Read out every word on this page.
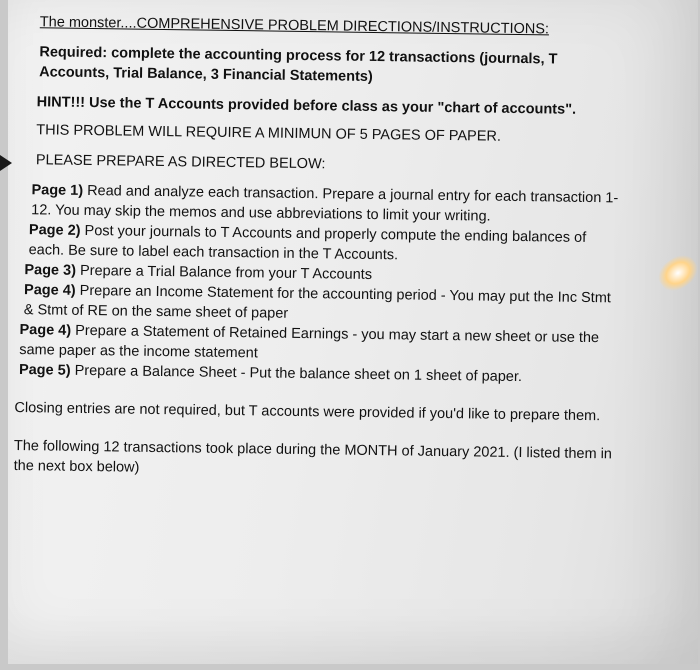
The monster....COMPREHENSIVE PROBLEM DIRECTIONS/INSTRUCTIONS:

Required: complete the accounting process for 12 transactions (journals, T Accounts, Trial Balance, 3 Financial Statements)

HINT!!! Use the T Accounts provided before class as your "chart of accounts".

THIS PROBLEM WILL REQUIRE A MINIMUN OF 5 PAGES OF PAPER.

PLEASE PREPARE AS DIRECTED BELOW:

Page 1) Read and analyze each transaction. Prepare a journal entry for each transaction 1-12. You may skip the memos and use abbreviations to limit your writing.

Page 2) Post your journals to T Accounts and properly compute the ending balances of each. Be sure to label each transaction in the T Accounts.

Page 3) Prepare a Trial Balance from your T Accounts

Page 4) Prepare an Income Statement for the accounting period - You may put the Inc Stmt & Stmt of RE on the same sheet of paper

Page 4) Prepare a Statement of Retained Earnings - you may start a new sheet or use the same paper as the income statement

Page 5) Prepare a Balance Sheet - Put the balance sheet on 1 sheet of paper.

Closing entries are not required, but T accounts were provided if you'd like to prepare them.

The following 12 transactions took place during the MONTH of January 2021. (I listed them in the next box below)
